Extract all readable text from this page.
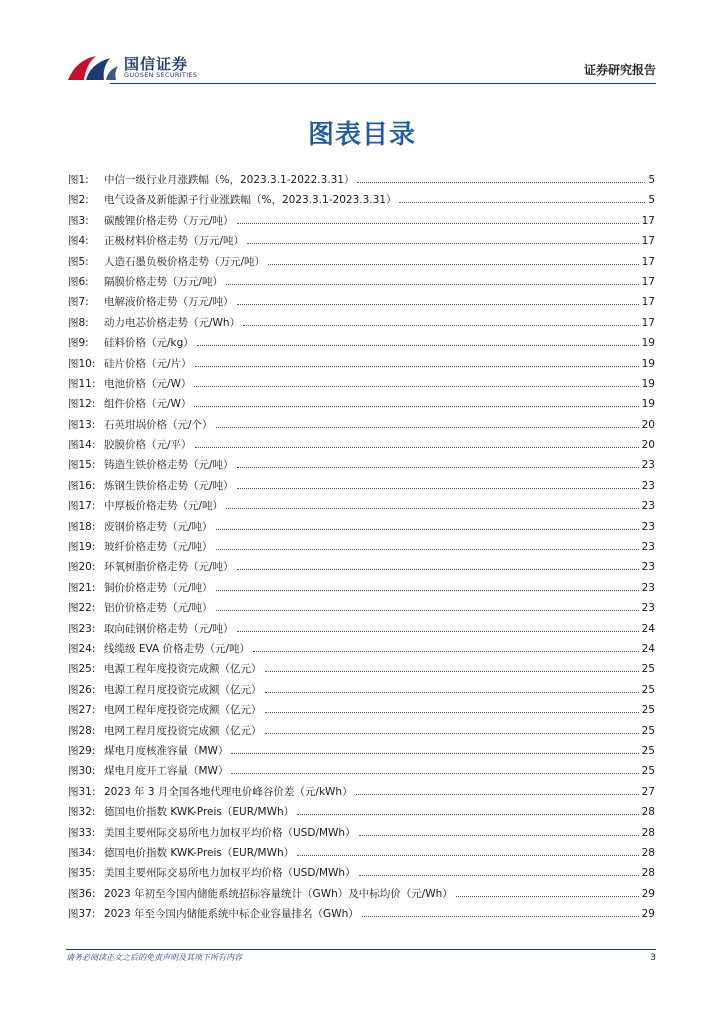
国信证券
GUOSEN SECURITIES	证券研究报告
图表目录
图1: 中信一级行业月涨跌幅（%，2023.3.1-2022.3.31）	5
图2: 电气设备及新能源子行业涨跌幅（%，2023.3.1-2023.3.31）	5
图3: 碳酸锂价格走势（万元/吨）	17
图4: 正极材料价格走势（万元/吨）	17
图5: 人造石墨负极价格走势（万元/吨）	17
图6: 隔膜价格走势（万元/吨）	17
图7: 电解液价格走势（万元/吨）	17
图8: 动力电芯价格走势（元/Wh）	17
图9: 硅料价格（元/kg）	19
图10: 硅片价格（元/片）	19
图11: 电池价格（元/W）	19
图12: 组件价格（元/W）	19
图13: 石英坩埚价格（元/个）	20
图14: 胶膜价格（元/平）	20
图15: 铸造生铁价格走势（元/吨）	23
图16: 炼钢生铁价格走势（元/吨）	23
图17: 中厚板价格走势（元/吨）	23
图18: 废钢价格走势（元/吨）	23
图19: 玻纤价格走势（元/吨）	23
图20: 环氧树脂价格走势（元/吨）	23
图21: 铜价价格走势（元/吨）	23
图22: 铝价价格走势（元/吨）	23
图23: 取向硅钢价格走势（元/吨）	24
图24: 线缆级 EVA 价格走势（元/吨）	24
图25: 电源工程年度投资完成额（亿元）	25
图26: 电源工程月度投资完成额（亿元）	25
图27: 电网工程年度投资完成额（亿元）	25
图28: 电网工程月度投资完成额（亿元）	25
图29: 煤电月度核准容量（MW）	25
图30: 煤电月度开工容量（MW）	25
图31: 2023 年 3 月全国各地代理电价峰谷价差（元/kWh）	27
图32: 德国电价指数 KWK-Preis（EUR/MWh）	28
图33: 美国主要州际交易所电力加权平均价格（USD/MWh）	28
图34: 德国电价指数 KWK-Preis（EUR/MWh）	28
图35: 美国主要州际交易所电力加权平均价格（USD/MWh）	28
图36: 2023 年初至今国内储能系统招标容量统计（GWh）及中标均价（元/Wh）	29
图37: 2023 年至今国内储能系统中标企业容量排名（GWh）	29
请务必阅读正文之后的免责声明及其项下所有内容	3
